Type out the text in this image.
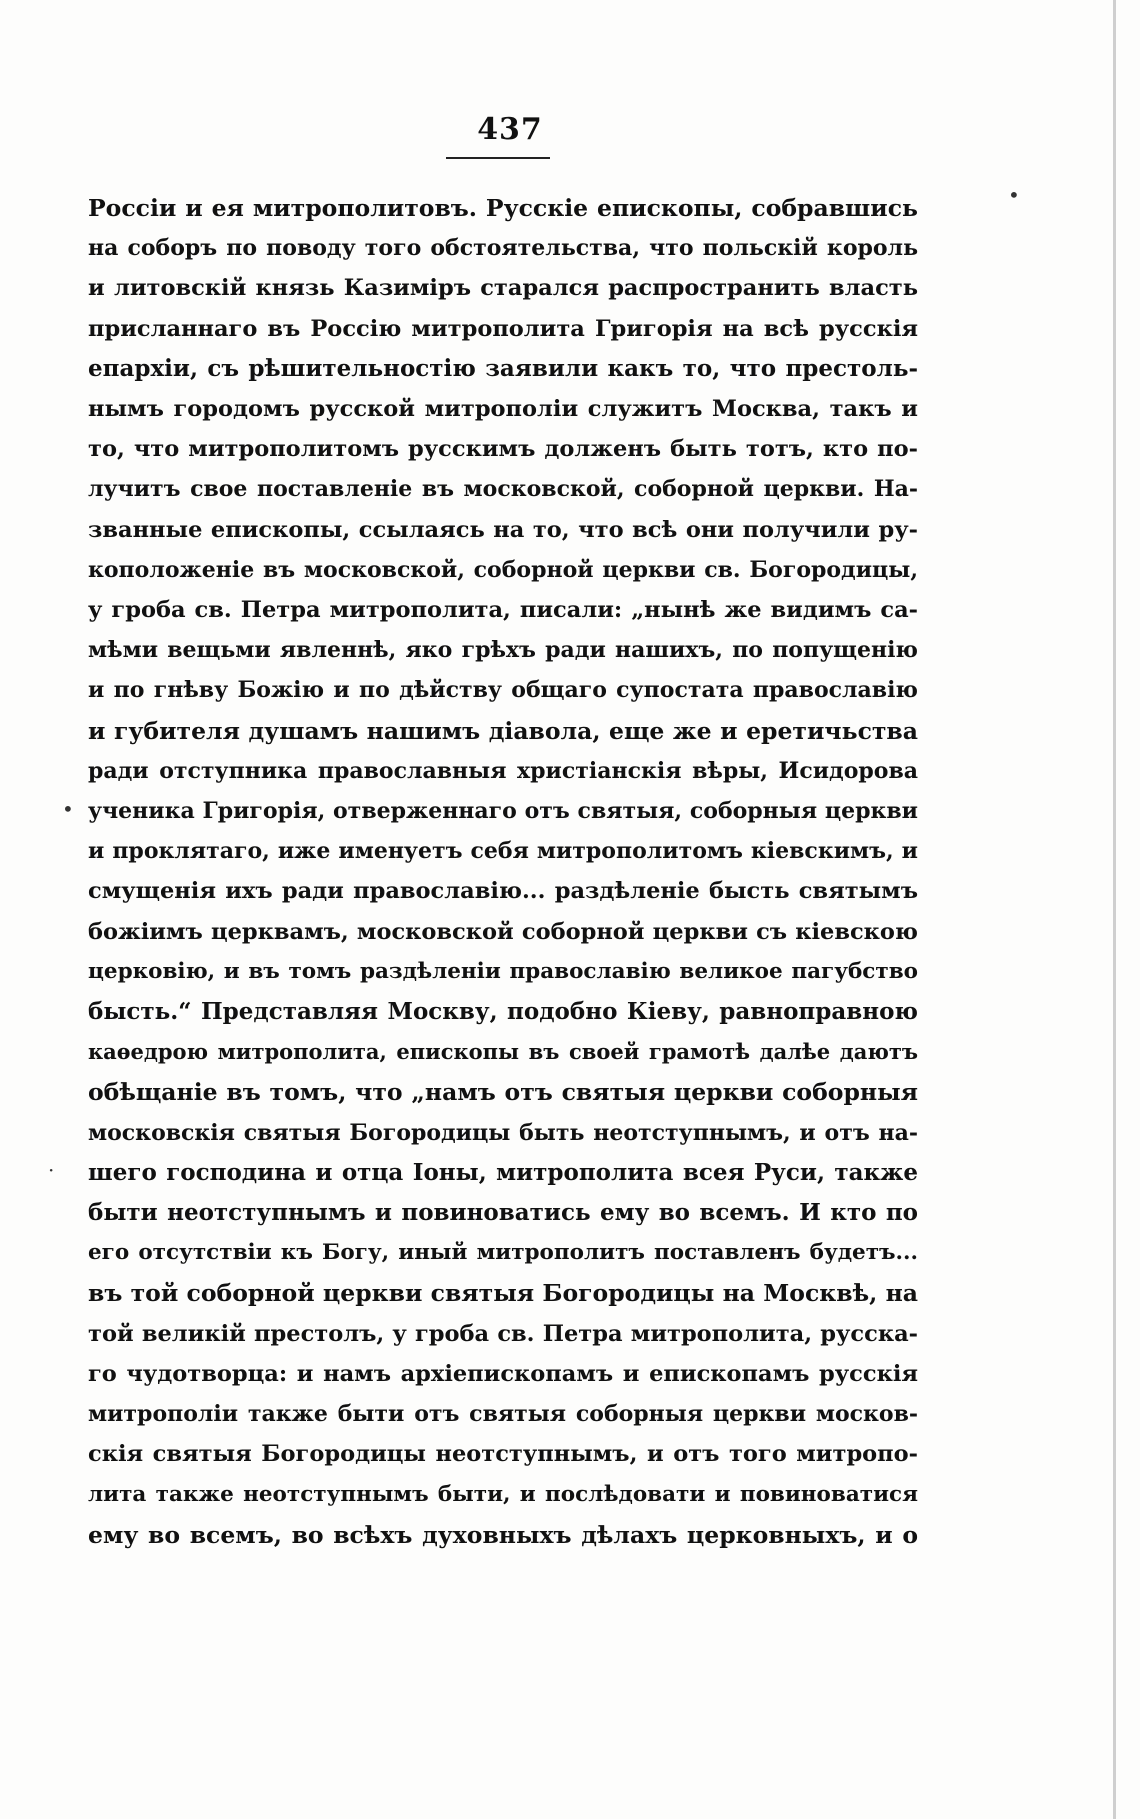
437
•
•
·
Россіи и ея митрополитовъ. Русскіе епископы, собравшись
на соборъ по поводу того обстоятельства, что польскій король
и литовскій князь Казиміръ старался распространить власть
присланнаго въ Россію митрополита Григорія на всѣ русскія
епархіи, съ рѣшительностію заявили какъ то, что престоль-
нымъ городомъ русской митрополіи служитъ Москва, такъ и
то, что митрополитомъ русскимъ долженъ быть тотъ, кто по-
лучитъ свое поставленіе въ московской, соборной церкви. На-
званные епископы, ссылаясь на то, что всѣ они получили ру-
коположеніе въ московской, соборной церкви св. Богородицы,
у гроба св. Петра митрополита, писали: „нынѣ же видимъ са-
мѣми вещьми явленнѣ, яко грѣхъ ради нашихъ, по попущенію
и по гнѣву Божію и по дѣйству общаго супостата православію
и губителя душамъ нашимъ діавола, еще же и еретичьства
ради отступника православныя христіанскія вѣры, Исидорова
ученика Григорія, отверженнаго отъ святыя, соборныя церкви
и проклятаго, иже именуетъ себя митрополитомъ кіевскимъ, и
смущенія ихъ ради православію... раздѣленіе бысть святымъ
божіимъ церквамъ, московской соборной церкви съ кіевскою
церковію, и въ томъ раздѣленіи православію великое пагубство
бысть.“ Представляя Москву, подобно Кіеву, равноправною
каѳедрою митрополита, епископы въ своей грамотѣ далѣе даютъ
обѣщаніе въ томъ, что „намъ отъ святыя церкви соборныя
московскія святыя Богородицы быть неотступнымъ, и отъ на-
шего господина и отца Іоны, митрополита всея Руси, также
быти неотступнымъ и повиноватись ему во всемъ. И кто по
его отсутствіи къ Богу, иный митрополитъ поставленъ будетъ...
въ той соборной церкви святыя Богородицы на Москвѣ, на
той великій престолъ, у гроба св. Петра митрополита, русска-
го чудотворца: и намъ архіепископамъ и епископамъ русскія
митрополіи также быти отъ святыя соборныя церкви москов-
скія святыя Богородицы неотступнымъ, и отъ того митропо-
лита также неотступнымъ быти, и послѣдовати и повиноватися
ему во всемъ, во всѣхъ духовныхъ дѣлахъ церковныхъ, и о
